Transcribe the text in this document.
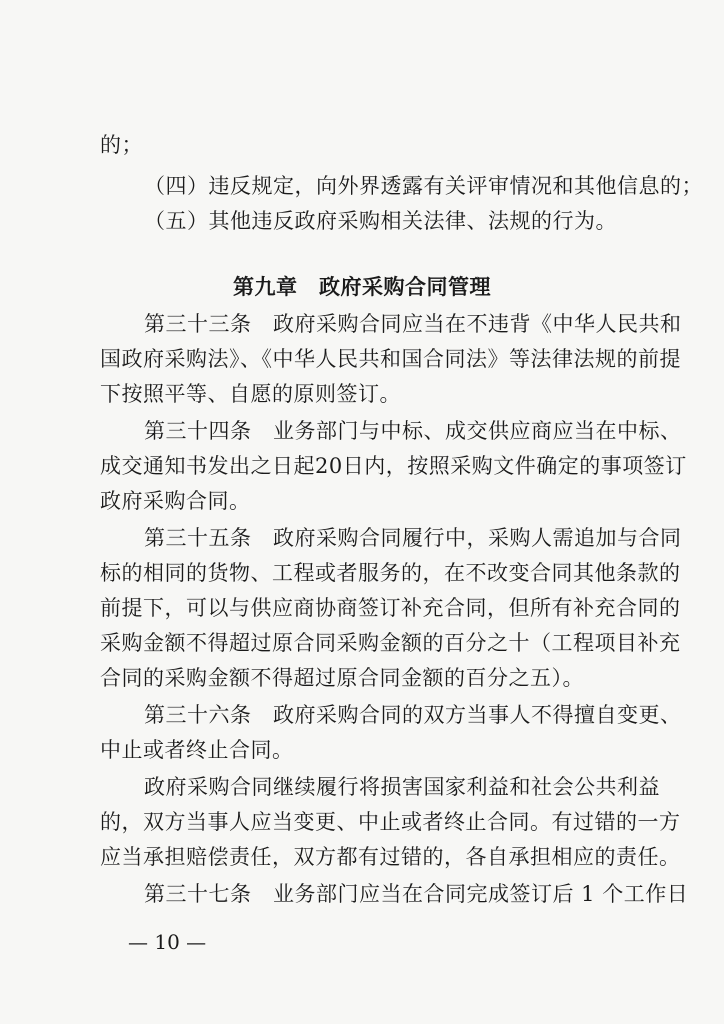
的；
（四）违反规定，向外界透露有关评审情况和其他信息的；
（五）其他违反政府采购相关法律、法规的行为。
第九章　政府采购合同管理
第三十三条　政府采购合同应当在不违背《中华人民共和
国政府采购法》、《中华人民共和国合同法》等法律法规的前提
下按照平等、自愿的原则签订。
第三十四条　业务部门与中标、成交供应商应当在中标、
成交通知书发出之日起20日内，按照采购文件确定的事项签订
政府采购合同。
第三十五条　政府采购合同履行中，采购人需追加与合同
标的相同的货物、工程或者服务的，在不改变合同其他条款的
前提下，可以与供应商协商签订补充合同，但所有补充合同的
采购金额不得超过原合同采购金额的百分之十（工程项目补充
合同的采购金额不得超过原合同金额的百分之五）。
第三十六条　政府采购合同的双方当事人不得擅自变更、
中止或者终止合同。
政府采购合同继续履行将损害国家利益和社会公共利益
的，双方当事人应当变更、中止或者终止合同。有过错的一方
应当承担赔偿责任，双方都有过错的，各自承担相应的责任。
第三十七条　业务部门应当在合同完成签订后 1 个工作日
— 10 —
